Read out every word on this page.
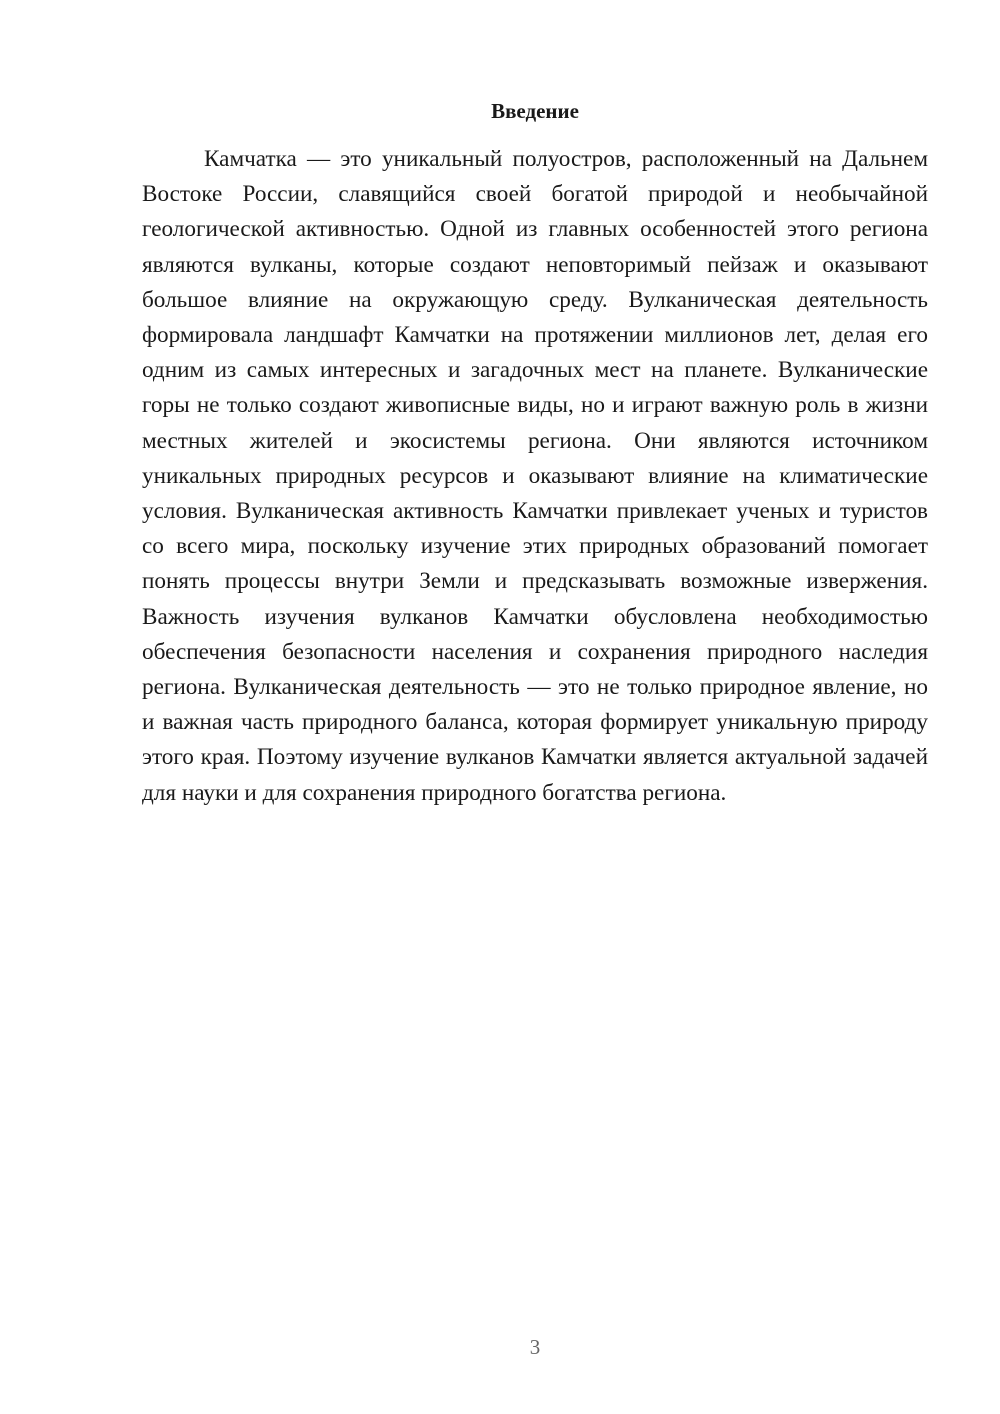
Введение

Камчатка — это уникальный полуостров, расположенный на Дальнем Востоке России, славящийся своей богатой природой и необычайной геологической активностью. Одной из главных особенностей этого региона являются вулканы, которые создают неповторимый пейзаж и оказывают большое влияние на окружающую среду. Вулканическая деятельность формировала ландшафт Камчатки на протяжении миллионов лет, делая его одним из самых интересных и загадочных мест на планете. Вулканические горы не только создают живописные виды, но и играют важную роль в жизни местных жителей и экосистемы региона. Они являются источником уникальных природных ресурсов и оказывают влияние на климатические условия. Вулканическая активность Камчатки привлекает ученых и туристов со всего мира, поскольку изучение этих природных образований помогает понять процессы внутри Земли и предсказывать возможные извержения. Важность изучения вулканов Камчатки обусловлена необходимостью обеспечения безопасности населения и сохранения природного наследия региона. Вулканическая деятельность — это не только природное явление, но и важная часть природного баланса, которая формирует уникальную природу этого края. Поэтому изучение вулканов Камчатки является актуальной задачей для науки и для сохранения природного богатства региона.

3
